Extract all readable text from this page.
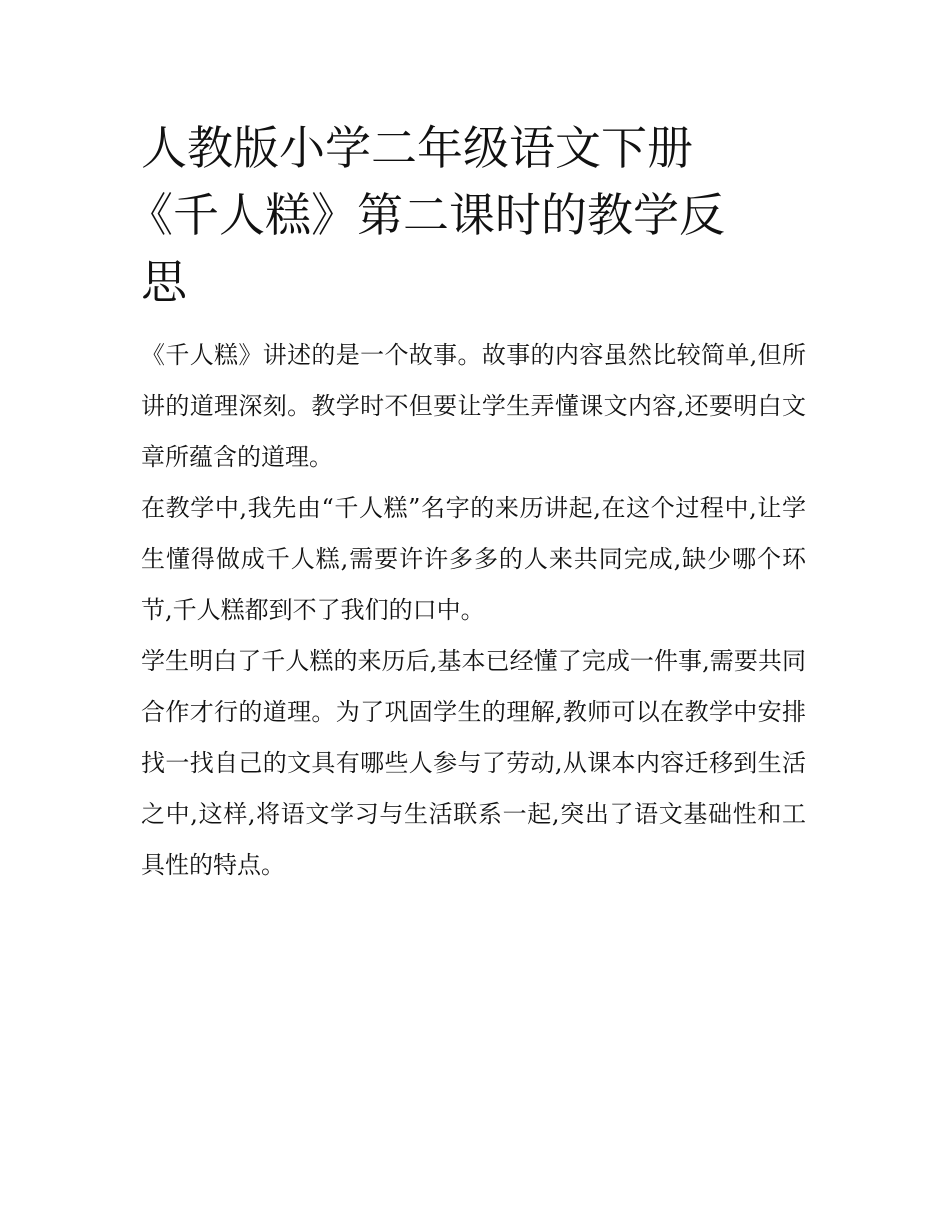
人教版小学二年级语文下册
《千人糕》第二课时的教学反
思

《千人糕》讲述的是一个故事。故事的内容虽然比较简单,但所讲的道理深刻。教学时不但要让学生弄懂课文内容,还要明白文章所蕴含的道理。

在教学中,我先由“千人糕”名字的来历讲起,在这个过程中,让学生懂得做成千人糕,需要许许多多的人来共同完成,缺少哪个环节,千人糕都到不了我们的口中。

学生明白了千人糕的来历后,基本已经懂了完成一件事,需要共同合作才行的道理。为了巩固学生的理解,教师可以在教学中安排找一找自己的文具有哪些人参与了劳动,从课本内容迁移到生活之中,这样,将语文学习与生活联系一起,突出了语文基础性和工具性的特点。
